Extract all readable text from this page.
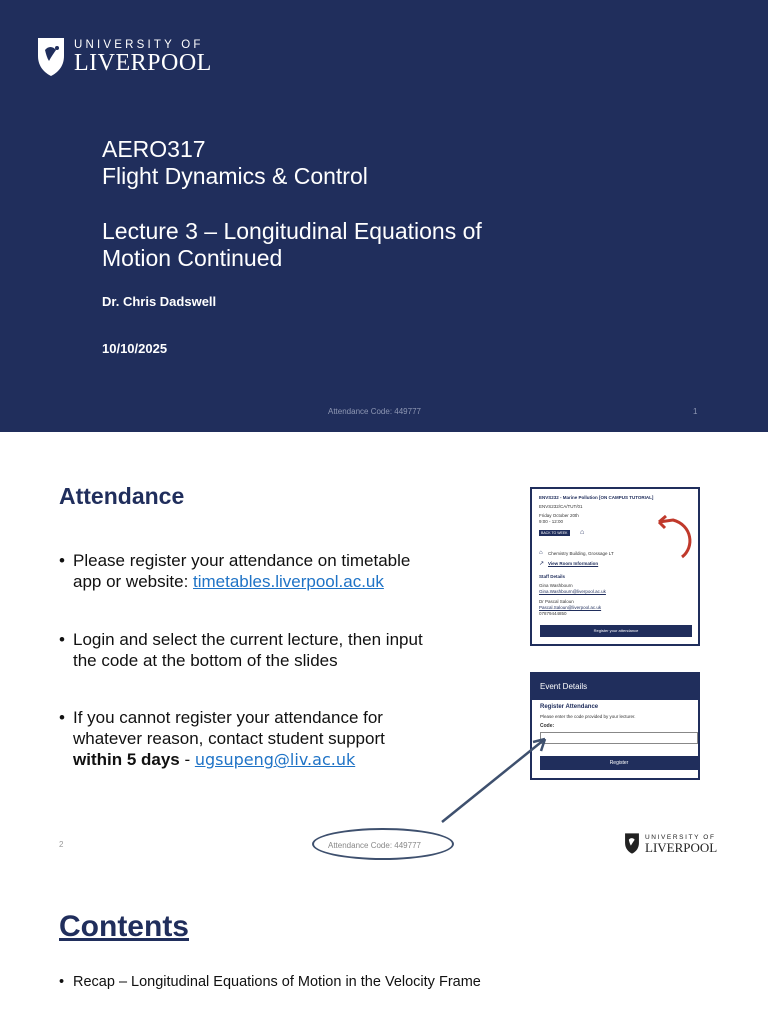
UNIVERSITY OF
LIVERPOOL
AERO317
Flight Dynamics & Control
Lecture 3 – Longitudinal Equations of
Motion Continued
Dr. Chris Dadswell
10/10/2025
Attendance Code: 449777	1
Attendance
• Please register your attendance on timetable
app or website: timetables.liverpool.ac.uk
• Login and select the current lecture, then input
the code at the bottom of the slides
• If you cannot register your attendance for
whatever reason, contact student support
within 5 days - ugsupeng@liv.ac.uk
ENVS232 - Marine Pollution [ON CAMPUS TUTORIAL]
ENVS232/CA/TUT/01
Friday October 20th
9:00 - 12:00
BACK TO WEEK ⌂
⌂ Chemistry Building, Grossage LT
↗ View Room Information
Staff Details
Gina Washbourn
Gina.Washbourn@liverpool.ac.uk
Dr Pascal Saloun
Pascal.Saloun@liverpool.ac.uk
07879444850
Register your attendance
Event Details
Register Attendance
Please enter the code provided by your lecturer.
Code:
Register
2	Attendance Code: 449777
UNIVERSITY OF
LIVERPOOL
Contents
• Recap – Longitudinal Equations of Motion in the Velocity Frame
